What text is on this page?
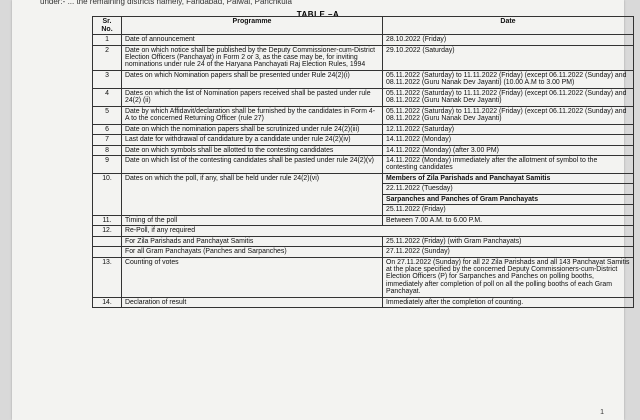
under:- ... the remaining districts namely, Faridabad, Palwal, Panchkula
TABLE –A
Sr. No.	Programme	Date
1	Date of announcement	28.10.2022 (Friday)
2	Date on which notice shall be published by the Deputy Commissioner-cum-District Election Officers (Panchayat) in Form 2 or 3, as the case may be, for inviting nominations under rule 24 of the Haryana Panchayati Raj Election Rules, 1994	29.10.2022 (Saturday)
3	Dates on which Nomination papers shall be presented under Rule 24(2)(i)	05.11.2022 (Saturday) to 11.11.2022 (Friday) (except 06.11.2022 (Sunday) and 08.11.2022 (Guru Nanak Dev Jayanti) (10.00 A.M to 3.00 PM)
4	Dates on which the list of Nomination papers received shall be pasted under rule 24(2) (ii)	05.11.2022 (Saturday) to 11.11.2022 (Friday) (except 06.11.2022 (Sunday) and 08.11.2022 (Guru Nanak Dev Jayanti)
5	Date by which Affidavit/declaration shall be furnished by the candidates in Form 4-A to the concerned Returning Officer (rule 27)	05.11.2022 (Saturday) to 11.11.2022 (Friday) (except 06.11.2022 (Sunday) and 08.11.2022 (Guru Nanak Dev Jayanti)
6	Date on which the nomination papers shall be scrutinized under rule 24(2)(iii)	12.11.2022 (Saturday)
7	Last date for withdrawal of candidature by a candidate under rule 24(2)(iv)	14.11.2022 (Monday)
8	Date on which symbols shall be allotted to the contesting candidates	14.11.2022 (Monday) (after 3.00 PM)
9	Date on which list of the contesting candidates shall be pasted under rule 24(2)(v)	14.11.2022 (Monday) immediately after the allotment of symbol to the contesting candidates
10.	Dates on which the poll, if any, shall be held under rule 24(2)(vi)	Members of Zila Parishads and Panchayat Samitis
		22.11.2022 (Tuesday)
		Sarpanches and Panches of Gram Panchayats
		25.11.2022 (Friday)
11.	Timing of the poll	Between 7.00 A.M. to 6.00 P.M.
12.	Re-Poll, if any required	
	For Zila Parishads and Panchayat Samitis	25.11.2022 (Friday) (with Gram Panchayats)
	For all Gram Panchayats (Panches and Sarpanches)	27.11.2022 (Sunday)
13.	Counting of votes	On 27.11.2022 (Sunday) for all 22 Zila Parishads and all 143 Panchayat Samitis at the place specified by the concerned Deputy Commissioners-cum-District Election Officers (P) for Sarpanches and Panches on polling booths, immediately after completion of poll on all the polling booths of each Gram Panchayat.
14.	Declaration of result	Immediately after the completion of counting.
1
